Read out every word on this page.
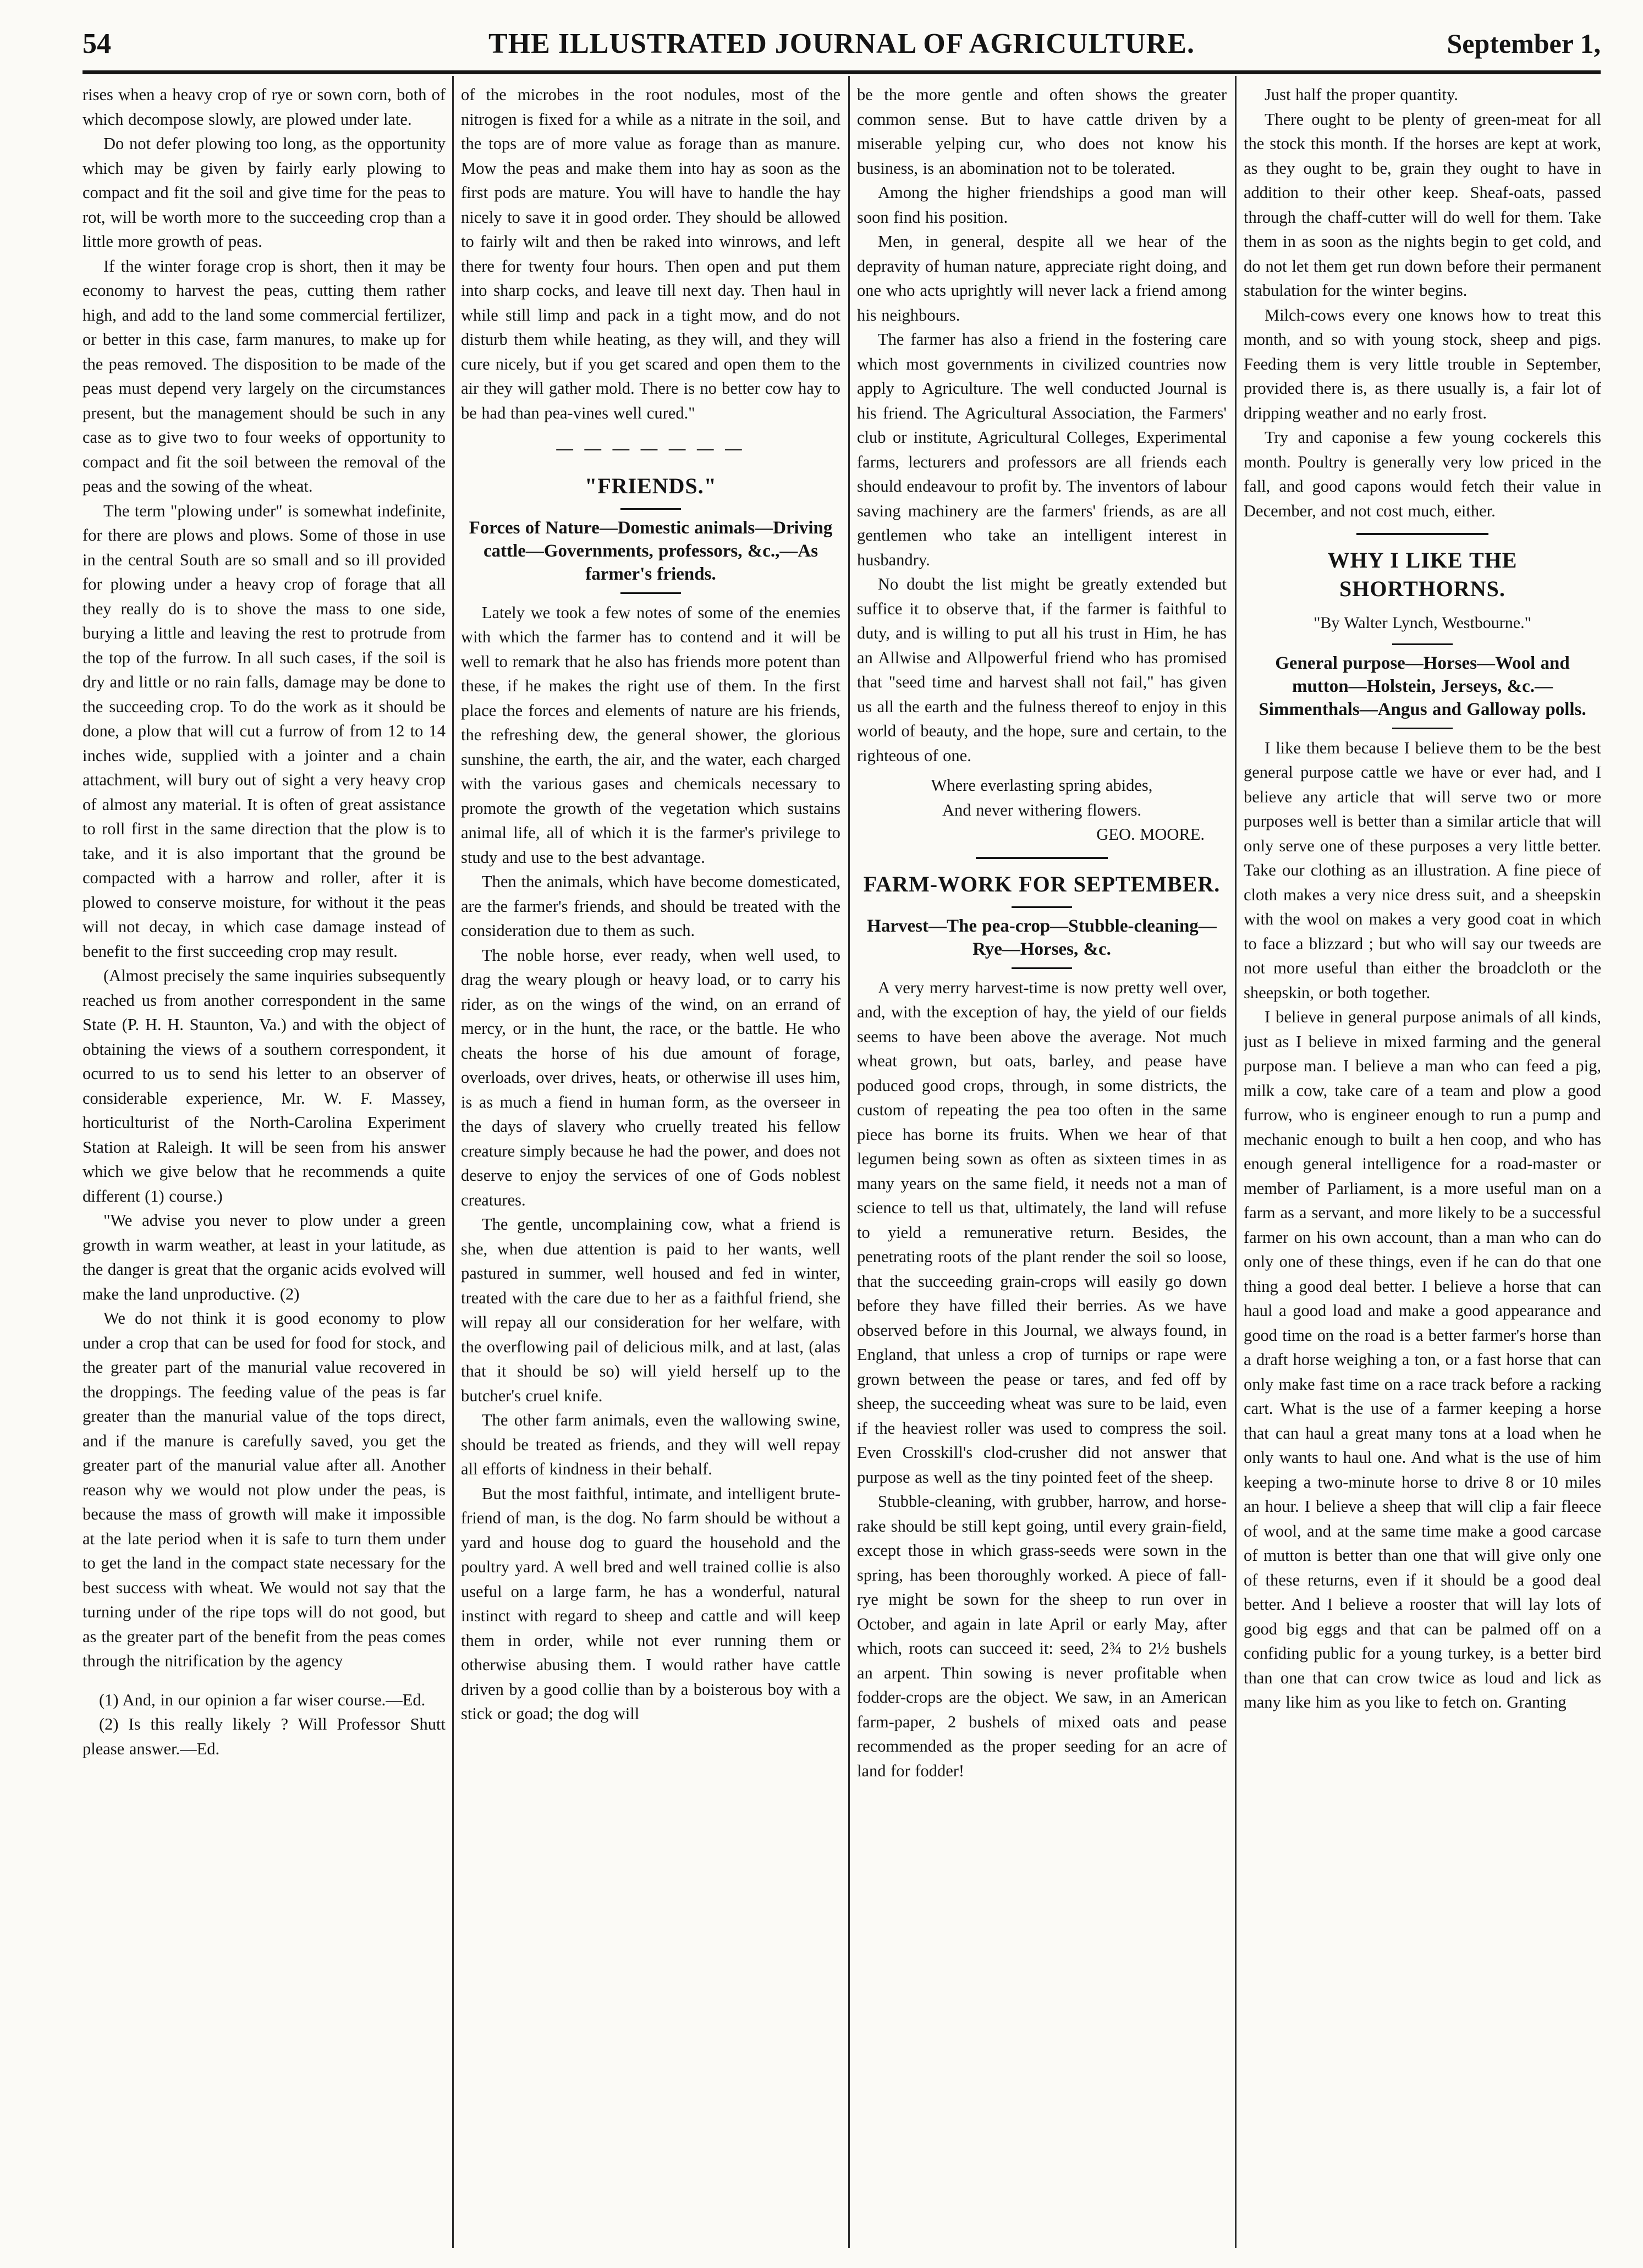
54	THE ILLUSTRATED JOURNAL OF AGRICULTURE.	September 1,

rises when a heavy crop of rye or sown corn, both of which decompose slowly, are plowed under late.

Do not defer plowing too long, as the opportunity which may be given by fairly early plowing to compact and fit the soil and give time for the peas to rot, will be worth more to the succeeding crop than a little more growth of peas.

If the winter forage crop is short, then it may be economy to harvest the peas, cutting them rather high, and add to the land some commercial fertilizer, or better in this case, farm manures, to make up for the peas removed. The disposition to be made of the peas must depend very largely on the circumstances present, but the management should be such in any case as to give two to four weeks of opportunity to compact and fit the soil between the removal of the peas and the sowing of the wheat.

The term "plowing under" is somewhat indefinite, for there are plows and plows. Some of those in use in the central South are so small and so ill provided for plowing under a heavy crop of forage that all they really do is to shove the mass to one side, burying a little and leaving the rest to protrude from the top of the furrow. In all such cases, if the soil is dry and little or no rain falls, damage may be done to the succeeding crop. To do the work as it should be done, a plow that will cut a furrow of from 12 to 14 inches wide, supplied with a jointer and a chain attachment, will bury out of sight a very heavy crop of almost any material. It is often of great assistance to roll first in the same direction that the plow is to take, and it is also important that the ground be compacted with a harrow and roller, after it is plowed to conserve moisture, for without it the peas will not decay, in which case damage instead of benefit to the first succeeding crop may result.

(Almost precisely the same inquiries subsequently reached us from another correspondent in the same State (P. H. H. Staunton, Va.) and with the object of obtaining the views of a southern correspondent, it ocurred to us to send his letter to an observer of considerable experience, Mr. W. F. Massey, horticulturist of the North-Carolina Experiment Station at Raleigh. It will be seen from his answer which we give below that he recommends a quite different (1) course.)

"We advise you never to plow under a green growth in warm weather, at least in your latitude, as the danger is great that the organic acids evolved will make the land unproductive. (2)

We do not think it is good economy to plow under a crop that can be used for food for stock, and the greater part of the manurial value recovered in the droppings. The feeding value of the peas is far greater than the manurial value of the tops direct, and if the manure is carefully saved, you get the greater part of the manurial value after all. Another reason why we would not plow under the peas, is because the mass of growth will make it impossible at the late period when it is safe to turn them under to get the land in the compact state necessary for the best success with wheat. We would not say that the turning under of the ripe tops will do not good, but as the greater part of the benefit from the peas comes through the nitrification by the agency

(1) And, in our opinion a far wiser course.—Ed.

(2) Is this really likely ? Will Professor Shutt please answer.—Ed.

of the microbes in the root nodules, most of the nitrogen is fixed for a while as a nitrate in the soil, and the tops are of more value as forage than as manure. Mow the peas and make them into hay as soon as the first pods are mature. You will have to handle the hay nicely to save it in good order. They should be allowed to fairly wilt and then be raked into winrows, and left there for twenty four hours. Then open and put them into sharp cocks, and leave till next day. Then haul in while still limp and pack in a tight mow, and do not disturb them while heating, as they will, and they will cure nicely, but if you get scared and open them to the air they will gather mold. There is no better cow hay to be had than pea-vines well cured."

— — — — — — —
"FRIENDS."
Forces of Nature—Domestic animals—Driving cattle—Governments, professors, &c.,—As farmer's friends.

Lately we took a few notes of some of the enemies with which the farmer has to contend and it will be well to remark that he also has friends more potent than these, if he makes the right use of them. In the first place the forces and elements of nature are his friends, the refreshing dew, the general shower, the glorious sunshine, the earth, the air, and the water, each charged with the various gases and chemicals necessary to promote the growth of the vegetation which sustains animal life, all of which it is the farmer's privilege to study and use to the best advantage.

Then the animals, which have become domesticated, are the farmer's friends, and should be treated with the consideration due to them as such.

The noble horse, ever ready, when well used, to drag the weary plough or heavy load, or to carry his rider, as on the wings of the wind, on an errand of mercy, or in the hunt, the race, or the battle. He who cheats the horse of his due amount of forage, overloads, over drives, heats, or otherwise ill uses him, is as much a fiend in human form, as the overseer in the days of slavery who cruelly treated his fellow creature simply because he had the power, and does not deserve to enjoy the services of one of Gods noblest creatures.

The gentle, uncomplaining cow, what a friend is she, when due attention is paid to her wants, well pastured in summer, well housed and fed in winter, treated with the care due to her as a faithful friend, she will repay all our consideration for her welfare, with the overflowing pail of delicious milk, and at last, (alas that it should be so) will yield herself up to the butcher's cruel knife.

The other farm animals, even the wallowing swine, should be treated as friends, and they will well repay all efforts of kindness in their behalf.

But the most faithful, intimate, and intelligent brute-friend of man, is the dog. No farm should be without a yard and house dog to guard the household and the poultry yard. A well bred and well trained collie is also useful on a large farm, he has a wonderful, natural instinct with regard to sheep and cattle and will keep them in order, while not ever running them or otherwise abusing them. I would rather have cattle driven by a good collie than by a boisterous boy with a stick or goad; the dog will

be the more gentle and often shows the greater common sense. But to have cattle driven by a miserable yelping cur, who does not know his business, is an abomination not to be tolerated.

Among the higher friendships a good man will soon find his position.

Men, in general, despite all we hear of the depravity of human nature, appreciate right doing, and one who acts uprightly will never lack a friend among his neighbours.

The farmer has also a friend in the fostering care which most governments in civilized countries now apply to Agriculture. The well conducted Journal is his friend. The Agricultural Association, the Farmers' club or institute, Agricultural Colleges, Experimental farms, lecturers and professors are all friends each should endeavour to profit by. The inventors of labour saving machinery are the farmers' friends, as are all gentlemen who take an intelligent interest in husbandry.

No doubt the list might be greatly extended but suffice it to observe that, if the farmer is faithful to duty, and is willing to put all his trust in Him, he has an Allwise and Allpowerful friend who has promised that "seed time and harvest shall not fail," has given us all the earth and the fulness thereof to enjoy in this world of beauty, and the hope, sure and certain, to the righteous of one.

Where everlasting spring abides,

And never withering flowers.

GEO. MOORE.

FARM-WORK FOR SEPTEMBER.
Harvest—The pea-crop—Stubble-cleaning—Rye—Horses, &c.

A very merry harvest-time is now pretty well over, and, with the exception of hay, the yield of our fields seems to have been above the average. Not much wheat grown, but oats, barley, and pease have poduced good crops, through, in some districts, the custom of repeating the pea too often in the same piece has borne its fruits. When we hear of that legumen being sown as often as sixteen times in as many years on the same field, it needs not a man of science to tell us that, ultimately, the land will refuse to yield a remunerative return. Besides, the penetrating roots of the plant render the soil so loose, that the succeeding grain-crops will easily go down before they have filled their berries. As we have observed before in this Journal, we always found, in England, that unless a crop of turnips or rape were grown between the pease or tares, and fed off by sheep, the succeeding wheat was sure to be laid, even if the heaviest roller was used to compress the soil. Even Crosskill's clod-crusher did not answer that purpose as well as the tiny pointed feet of the sheep.

Stubble-cleaning, with grubber, harrow, and horse-rake should be still kept going, until every grain-field, except those in which grass-seeds were sown in the spring, has been thoroughly worked. A piece of fall-rye might be sown for the sheep to run over in October, and again in late April or early May, after which, roots can succeed it: seed, 2¾ to 2½ bushels an arpent. Thin sowing is never profitable when fodder-crops are the object. We saw, in an American farm-paper, 2 bushels of mixed oats and pease recommended as the proper seeding for an acre of land for fodder!

Just half the proper quantity.

There ought to be plenty of green-meat for all the stock this month. If the horses are kept at work, as they ought to be, grain they ought to have in addition to their other keep. Sheaf-oats, passed through the chaff-cutter will do well for them. Take them in as soon as the nights begin to get cold, and do not let them get run down before their permanent stabulation for the winter begins.

Milch-cows every one knows how to treat this month, and so with young stock, sheep and pigs. Feeding them is very little trouble in September, provided there is, as there usually is, a fair lot of dripping weather and no early frost.

Try and caponise a few young cockerels this month. Poultry is generally very low priced in the fall, and good capons would fetch their value in December, and not cost much, either.

WHY I LIKE THE SHORTHORNS.
"By Walter Lynch, Westbourne."
General purpose—Horses—Wool and mutton—Holstein, Jerseys, &c.—Simmenthals—Angus and Galloway polls.

I like them because I believe them to be the best general purpose cattle we have or ever had, and I believe any article that will serve two or more purposes well is better than a similar article that will only serve one of these purposes a very little better. Take our clothing as an illustration. A fine piece of cloth makes a very nice dress suit, and a sheepskin with the wool on makes a very good coat in which to face a blizzard ; but who will say our tweeds are not more useful than either the broadcloth or the sheepskin, or both together.

I believe in general purpose animals of all kinds, just as I believe in mixed farming and the general purpose man. I believe a man who can feed a pig, milk a cow, take care of a team and plow a good furrow, who is engineer enough to run a pump and mechanic enough to built a hen coop, and who has enough general intelligence for a road-master or member of Parliament, is a more useful man on a farm as a servant, and more likely to be a successful farmer on his own account, than a man who can do only one of these things, even if he can do that one thing a good deal better. I believe a horse that can haul a good load and make a good appearance and good time on the road is a better farmer's horse than a draft horse weighing a ton, or a fast horse that can only make fast time on a race track before a racking cart. What is the use of a farmer keeping a horse that can haul a great many tons at a load when he only wants to haul one. And what is the use of him keeping a two-minute horse to drive 8 or 10 miles an hour. I believe a sheep that will clip a fair fleece of wool, and at the same time make a good carcase of mutton is better than one that will give only one of these returns, even if it should be a good deal better. And I believe a rooster that will lay lots of good big eggs and that can be palmed off on a confiding public for a young turkey, is a better bird than one that can crow twice as loud and lick as many like him as you like to fetch on. Granting
